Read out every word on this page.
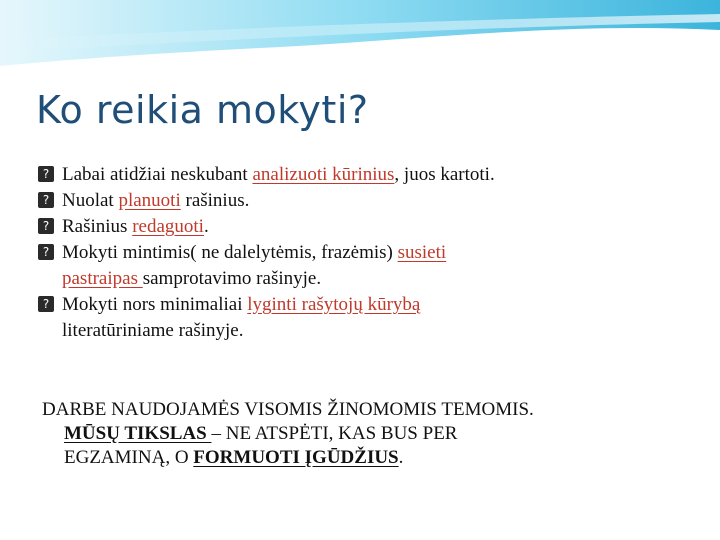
Ko reikia mokyti?
? Labai atidžiai neskubant analizuoti kūrinius, juos kartoti.
? Nuolat planuoti rašinius.
? Rašinius redaguoti.
? Mokyti mintimis( ne dalelytėmis, frazėmis) susieti
pastraipas samprotavimo rašinyje.
? Mokyti nors minimaliai lyginti rašytojų kūrybą
literatūriniame rašinyje.
DARBE NAUDOJAMĖS VISOMIS ŽINOMOMIS TEMOMIS.
MŪSŲ TIKSLAS – NE ATSPĖTI, KAS BUS PER
EGZAMINĄ, O FORMUOTI ĮGŪDŽIUS.
